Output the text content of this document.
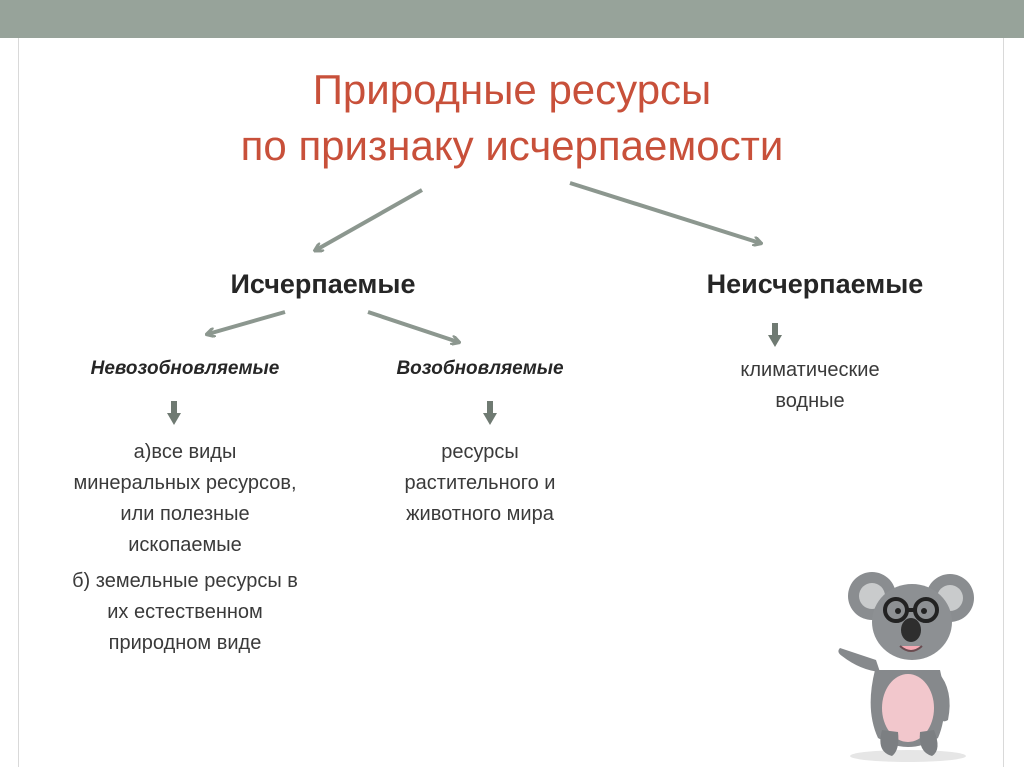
Природные ресурсы
по признаку исчерпаемости
Исчерпаемые	Неисчерпаемые
Невозобновляемые	Возобновляемые
а)все виды
минеральных ресурсов,
или полезные
ископаемые
б) земельные ресурсы в
их естественном
природном виде
ресурсы
растительного и
животного мира
климатические
водные
